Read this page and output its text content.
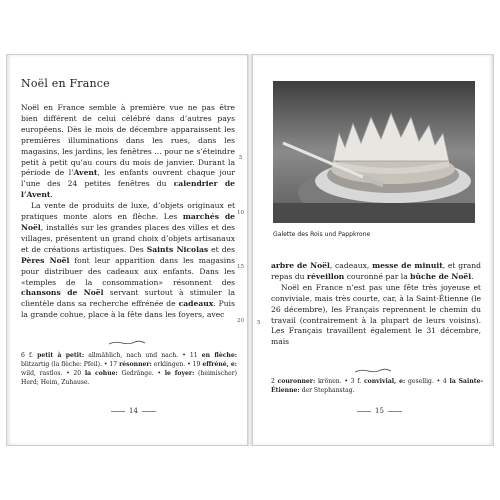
Noël en France

Noël en France semble à première vue ne pas être bien différent de celui célébré dans d’autres pays européens. Dès le mois de décembre apparaissent les premières illuminations dans les rues, dans les magasins, les jardins, les fenêtres … pour ne s’éteindre petit à petit qu’au cours du mois de janvier. Durant la période de l’Avent, les enfants ouvrent chaque jour l’une des 24 petites fenêtres du calendrier de l’Avent.

La vente de produits de luxe, d’objets originaux et pratiques monte alors en flèche. Les marchés de Noël, installés sur les grandes places des villes et des villages, présentent un grand choix d’objets artisanaux et de créations artistiques. Des Saints Nicolas et des Pères Noël font leur apparition dans les magasins pour distribuer des cadeaux aux enfants. Dans les «temples de la consommation» résonnent des chansons de Noël servant surtout à stimuler la clientèle dans sa recherche effrénée de cadeaux. Puis la grande cohue, place à la fête dans les foyers, avec

5
10
15
20
6 f. petit à petit: allmählich, nach und nach. • 11 en flèche: blitzartig (la flèche: Pfeil). • 17 résonner: erklingen. • 19 effréné, e: wild, rastlos. • 20 la cohue: Gedränge. • le foyer: (heimischer) Herd; Heim, Zuhause.
14
Galette des Rois und Pappkrone

arbre de Noël, cadeaux, messe de minuit, et grand repas du réveillon couronné par la bûche de Noël.

Noël en France n’est pas une fête très joyeuse et conviviale, mais très courte, car, à la Saint-Étienne (le 26 décembre), les Français reprennent le chemin du travail (contrairement à la plupart de leurs voisins). Les Français travaillent également le 31 décembre, mais

5
2 couronner: krönen. • 3 f. convivial, e: gesellig. • 4 la Sainte-Étienne: der Stephanstag.
15
